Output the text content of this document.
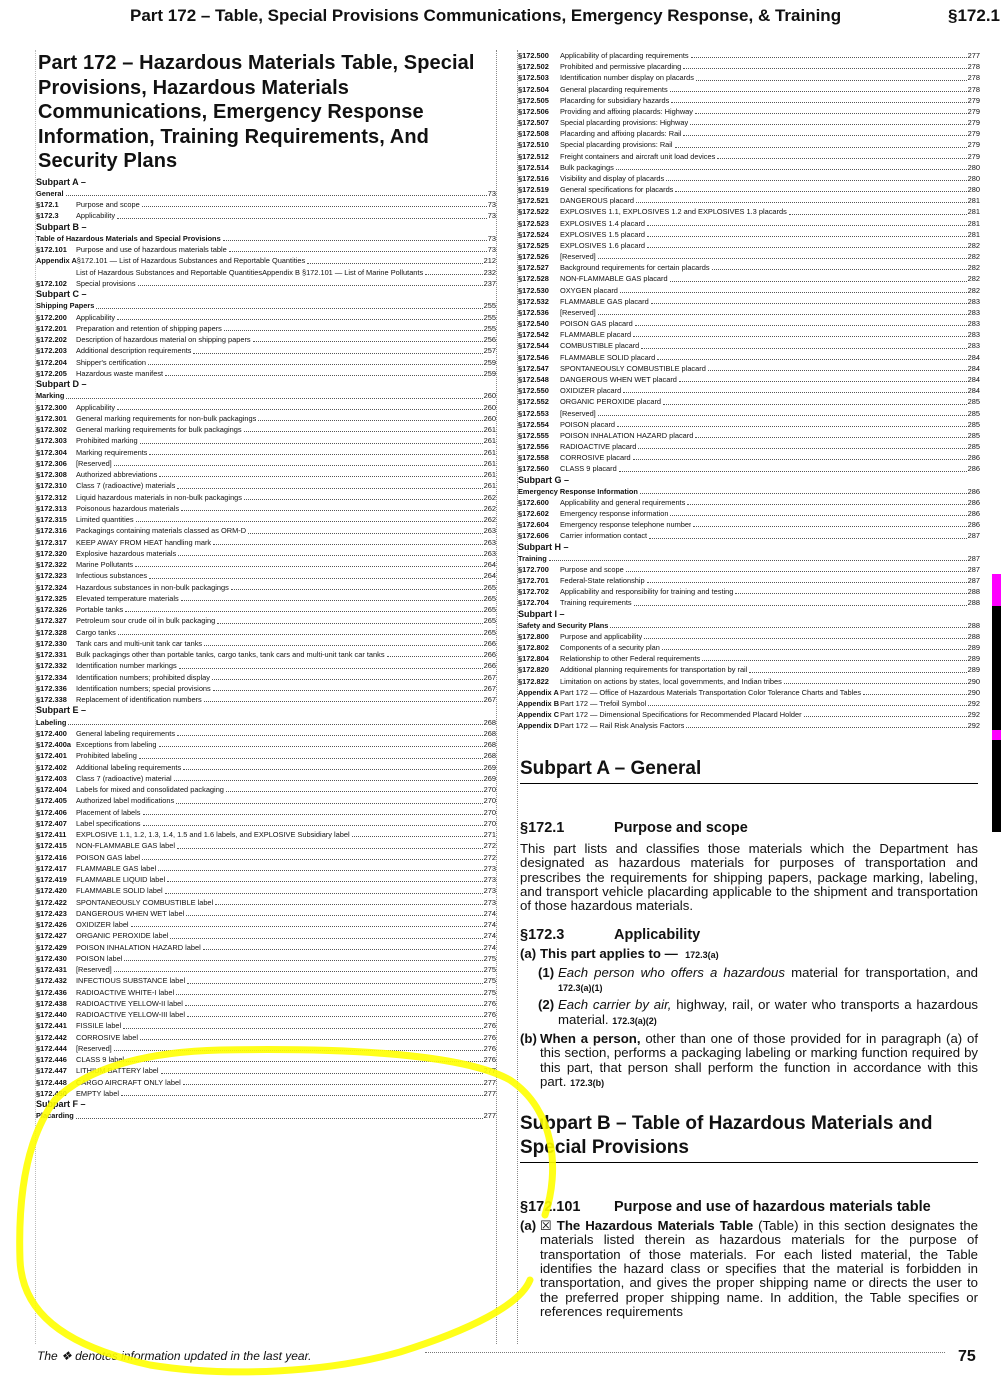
Part 172 – Table, Special Provisions Communications, Emergency Response, & Training	§172.1
Part 172 – Hazardous Materials Table, Special Provisions, Hazardous Materials Communications, Emergency Response Information, Training Requirements, And Security Plans
Subpart A –
General	73
§172.1	Purpose and scope	73
§172.3	Applicability	73
Subpart B –
Table of Hazardous Materials and Special Provisions	73
§172.101	Purpose and use of hazardous materials table	73
Appendix A §172.101 — List of Hazardous Substances and Reportable Quantities	212
List of Hazardous Substances and Reportable QuantitiesAppendix B §172.101 — List of Marine Pollutants	232
§172.102	Special provisions	237
Subpart C –
Shipping Papers	255
§172.200	Applicability	255
§172.201	Preparation and retention of shipping papers	255
§172.202	Description of hazardous material on shipping papers	256
§172.203	Additional description requirements	257
§172.204	Shipper's certification	259
§172.205	Hazardous waste manifest	259
Subpart D –
Marking	260
§172.300	Applicability	260
§172.301	General marking requirements for non-bulk packagings	260
§172.302	General marking requirements for bulk packagings	261
§172.303	Prohibited marking	261
§172.304	Marking requirements	261
§172.306	[Reserved]	261
§172.308	Authorized abbreviations	261
§172.310	Class 7 (radioactive) materials	261
§172.312	Liquid hazardous materials in non-bulk packagings	262
§172.313	Poisonous hazardous materials	262
§172.315	Limited quantities	262
§172.316	Packagings containing materials classed as ORM-D	263
§172.317	KEEP AWAY FROM HEAT handling mark	263
§172.320	Explosive hazardous materials	263
§172.322	Marine Pollutants	264
§172.323	Infectious substances	264
§172.324	Hazardous substances in non-bulk packagings	265
§172.325	Elevated temperature materials	265
§172.326	Portable tanks	265
§172.327	Petroleum sour crude oil in bulk packaging	265
§172.328	Cargo tanks	265
§172.330	Tank cars and multi-unit tank car tanks	266
§172.331	Bulk packagings other than portable tanks, cargo tanks, tank cars and multi-unit tank car tanks	266
§172.332	Identification number markings	266
§172.334	Identification numbers; prohibited display	267
§172.336	Identification numbers; special provisions	267
§172.338	Replacement of identification numbers	267
Subpart E –
Labeling	268
§172.400	General labeling requirements	268
§172.400a Exceptions from labeling	268
§172.401	Prohibited labeling	268
§172.402	Additional labeling requirements	269
§172.403	Class 7 (radioactive) material	269
§172.404	Labels for mixed and consolidated packaging	270
§172.405	Authorized label modifications	270
§172.406	Placement of labels	270
§172.407	Label specifications	270
§172.411	EXPLOSIVE 1.1, 1.2, 1.3, 1.4, 1.5 and 1.6 labels, and EXPLOSIVE Subsidiary label	271
§172.415	NON-FLAMMABLE GAS label	272
§172.416	POISON GAS label	272
§172.417	FLAMMABLE GAS label	273
§172.419	FLAMMABLE LIQUID label	273
§172.420	FLAMMABLE SOLID label	273
§172.422	SPONTANEOUSLY COMBUSTIBLE label	273
§172.423	DANGEROUS WHEN WET label	274
§172.426	OXIDIZER label	274
§172.427	ORGANIC PEROXIDE label	274
§172.429	POISON INHALATION HAZARD label	274
§172.430	POISON label	275
§172.431	[Reserved]	275
§172.432	INFECTIOUS SUBSTANCE label	275
§172.436	RADIOACTIVE WHITE-I label	275
§172.438	RADIOACTIVE YELLOW-II label	276
§172.440	RADIOACTIVE YELLOW-III label	276
§172.441	FISSILE label	276
§172.442	CORROSIVE label	276
§172.444	[Reserved]	276
§172.446	CLASS 9 label	276
§172.447	LITHIUM BATTERY label	277
§172.448	CARGO AIRCRAFT ONLY label	277
§172.450	EMPTY label	277
Subpart F –
Placarding	277
§172.500	Applicability of placarding requirements	277
§172.502	Prohibited and permissive placarding	278
§172.503	Identification number display on placards	278
§172.504	General placarding requirements	278
§172.505	Placarding for subsidiary hazards	279
§172.506	Providing and affixing placards: Highway	279
§172.507	Special placarding provisions: Highway	279
§172.508	Placarding and affixing placards: Rail	279
§172.510	Special placarding provisions: Rail	279
§172.512	Freight containers and aircraft unit load devices	279
§172.514	Bulk packagings	280
§172.516	Visibility and display of placards	280
§172.519	General specifications for placards	280
§172.521	DANGEROUS placard	281
§172.522	EXPLOSIVES 1.1, EXPLOSIVES 1.2 and EXPLOSIVES 1.3 placards	281
§172.523	EXPLOSIVES 1.4 placard	281
§172.524	EXPLOSIVES 1.5 placard	281
§172.525	EXPLOSIVES 1.6 placard	282
§172.526	[Reserved]	282
§172.527	Background requirements for certain placards	282
§172.528	NON-FLAMMABLE GAS placard	282
§172.530	OXYGEN placard	282
§172.532	FLAMMABLE GAS placard	283
§172.536	[Reserved]	283
§172.540	POISON GAS placard	283
§172.542	FLAMMABLE placard	283
§172.544	COMBUSTIBLE placard	283
§172.546	FLAMMABLE SOLID placard	284
§172.547	SPONTANEOUSLY COMBUSTIBLE placard	284
§172.548	DANGEROUS WHEN WET placard	284
§172.550	OXIDIZER placard	284
§172.552	ORGANIC PEROXIDE placard	285
§172.553	[Reserved]	285
§172.554	POISON placard	285
§172.555	POISON INHALATION HAZARD placard	285
§172.556	RADIOACTIVE placard	285
§172.558	CORROSIVE placard	286
§172.560	CLASS 9 placard	286
Subpart G –
Emergency Response Information	286
§172.600	Applicability and general requirements	286
§172.602	Emergency response information	286
§172.604	Emergency response telephone number	286
§172.606	Carrier information contact	287
Subpart H –
Training	287
§172.700	Purpose and scope	287
§172.701	Federal-State relationship	287
§172.702	Applicability and responsibility for training and testing	288
§172.704	Training requirements	288
Subpart I –
Safety and Security Plans	288
§172.800	Purpose and applicability	288
§172.802	Components of a security plan	289
§172.804	Relationship to other Federal requirements	289
§172.820	Additional planning requirements for transportation by rail	289
§172.822	Limitation on actions by states, local governments, and Indian tribes	290
Appendix A Part 172 — Office of Hazardous Materials Transportation Color Tolerance Charts and Tables	290
Appendix B Part 172 — Trefoil Symbol	292
Appendix C Part 172 — Dimensional Specifications for Recommended Placard Holder	292
Appendix D Part 172 — Rail Risk Analysis Factors	292
Subpart A – General
§172.1	Purpose and scope
This part lists and classifies those materials which the Department has designated as hazardous materials for purposes of transportation and prescribes the requirements for shipping papers, package marking, labeling, and transport vehicle placarding applicable to the shipment and transportation of those hazardous materials.
§172.3	Applicability
(a) This part applies to — 172.3(a)
(1) Each person who offers a hazardous material for transportation, and 172.3(a)(1)
(2) Each carrier by air, highway, rail, or water who transports a hazardous material. 172.3(a)(2)
(b) When a person, other than one of those provided for in paragraph (a) of this section, performs a packaging labeling or marking function required by this part, that person shall perform the function in accordance with this part. 172.3(b)
Subpart B – Table of Hazardous Materials and Special Provisions
§172.101 Purpose and use of hazardous materials table
(a) ☒ The Hazardous Materials Table (Table) in this section designates the materials listed therein as hazardous materials for the purpose of transportation of those materials. For each listed material, the Table identifies the hazard class or specifies that the material is forbidden in transportation, and gives the proper shipping name or directs the user to the preferred proper shipping name. In addition, the Table specifies or references requirements
The ❖ denotes information updated in the last year.	75
